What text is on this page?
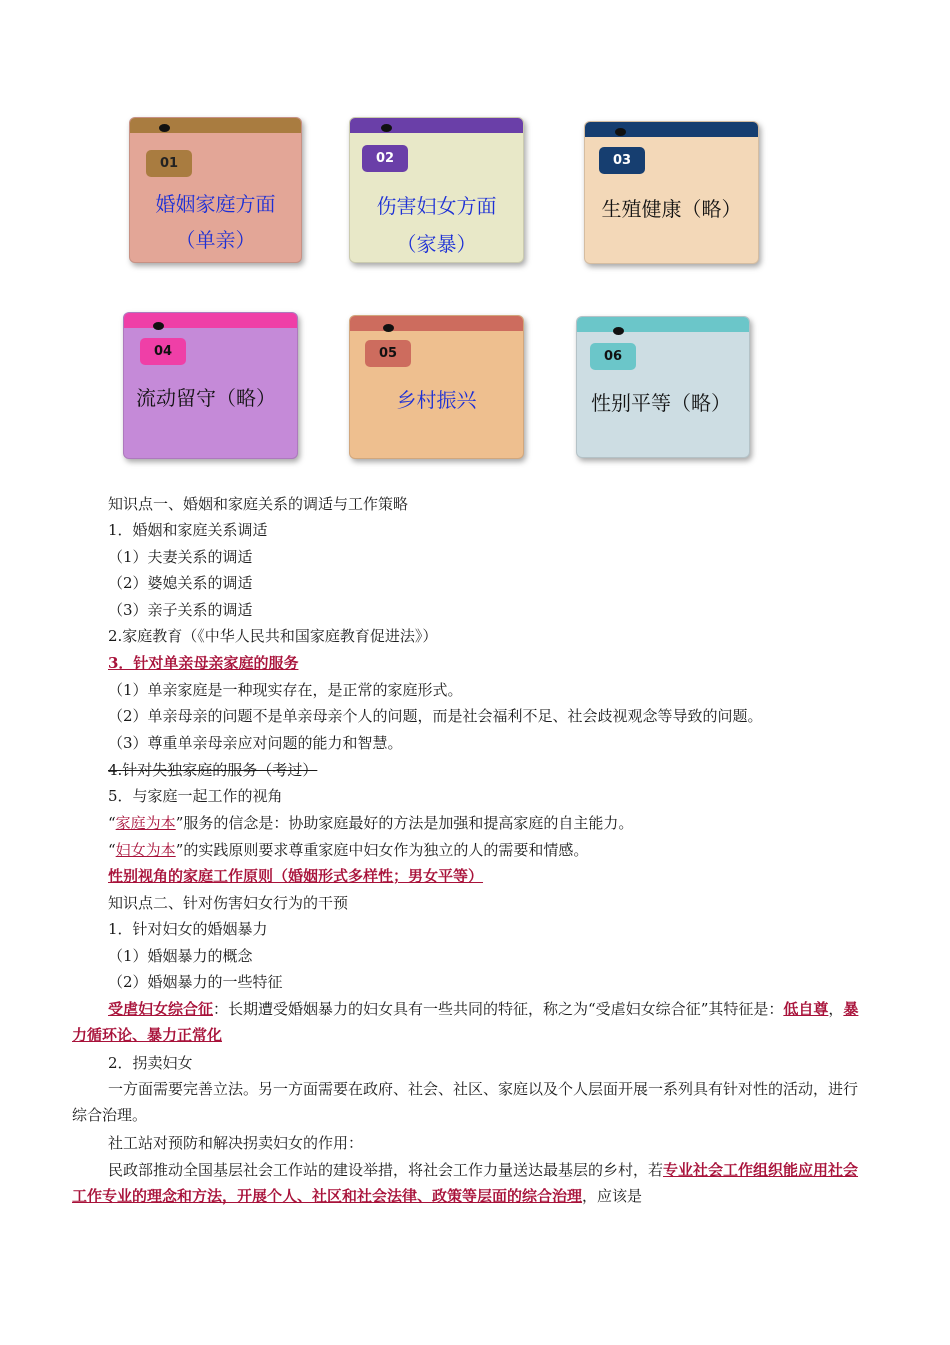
01
婚姻家庭方面
（单亲）
02
伤害妇女方面
（家暴）
03
生殖健康（略）
04
流动留守（略）
05
乡村振兴
06
性别平等（略）
知识点一、婚姻和家庭关系的调适与工作策略
1．婚姻和家庭关系调适
（1）夫妻关系的调适
（2）婆媳关系的调适
（3）亲子关系的调适
2.家庭教育（《中华人民共和国家庭教育促进法》）
3．针对单亲母亲家庭的服务
（1）单亲家庭是一种现实存在，是正常的家庭形式。
（2）单亲母亲的问题不是单亲母亲个人的问题，而是社会福利不足、社会歧视观念等导致的问题。
（3）尊重单亲母亲应对问题的能力和智慧。
4.针对失独家庭的服务（考过）
5．与家庭一起工作的视角
“家庭为本”服务的信念是：协助家庭最好的方法是加强和提高家庭的自主能力。
“妇女为本”的实践原则要求尊重家庭中妇女作为独立的人的需要和情感。
性别视角的家庭工作原则（婚姻形式多样性；男女平等）
知识点二、针对伤害妇女行为的干预
1．针对妇女的婚姻暴力
（1）婚姻暴力的概念
（2）婚姻暴力的一些特征
受虐妇女综合征：长期遭受婚姻暴力的妇女具有一些共同的特征，称之为“受虐妇女综合征”其特征是：低自尊，暴力循环论、暴力正常化
2．拐卖妇女
一方面需要完善立法。另一方面需要在政府、社会、社区、家庭以及个人层面开展一系列具有针对性的活动，进行综合治理。
社工站对预防和解决拐卖妇女的作用：
民政部推动全国基层社会工作站的建设举措，将社会工作力量送达最基层的乡村，若专业社会工作组织能应用社会工作专业的理念和方法，开展个人、社区和社会法律、政策等层面的综合治理，应该是
